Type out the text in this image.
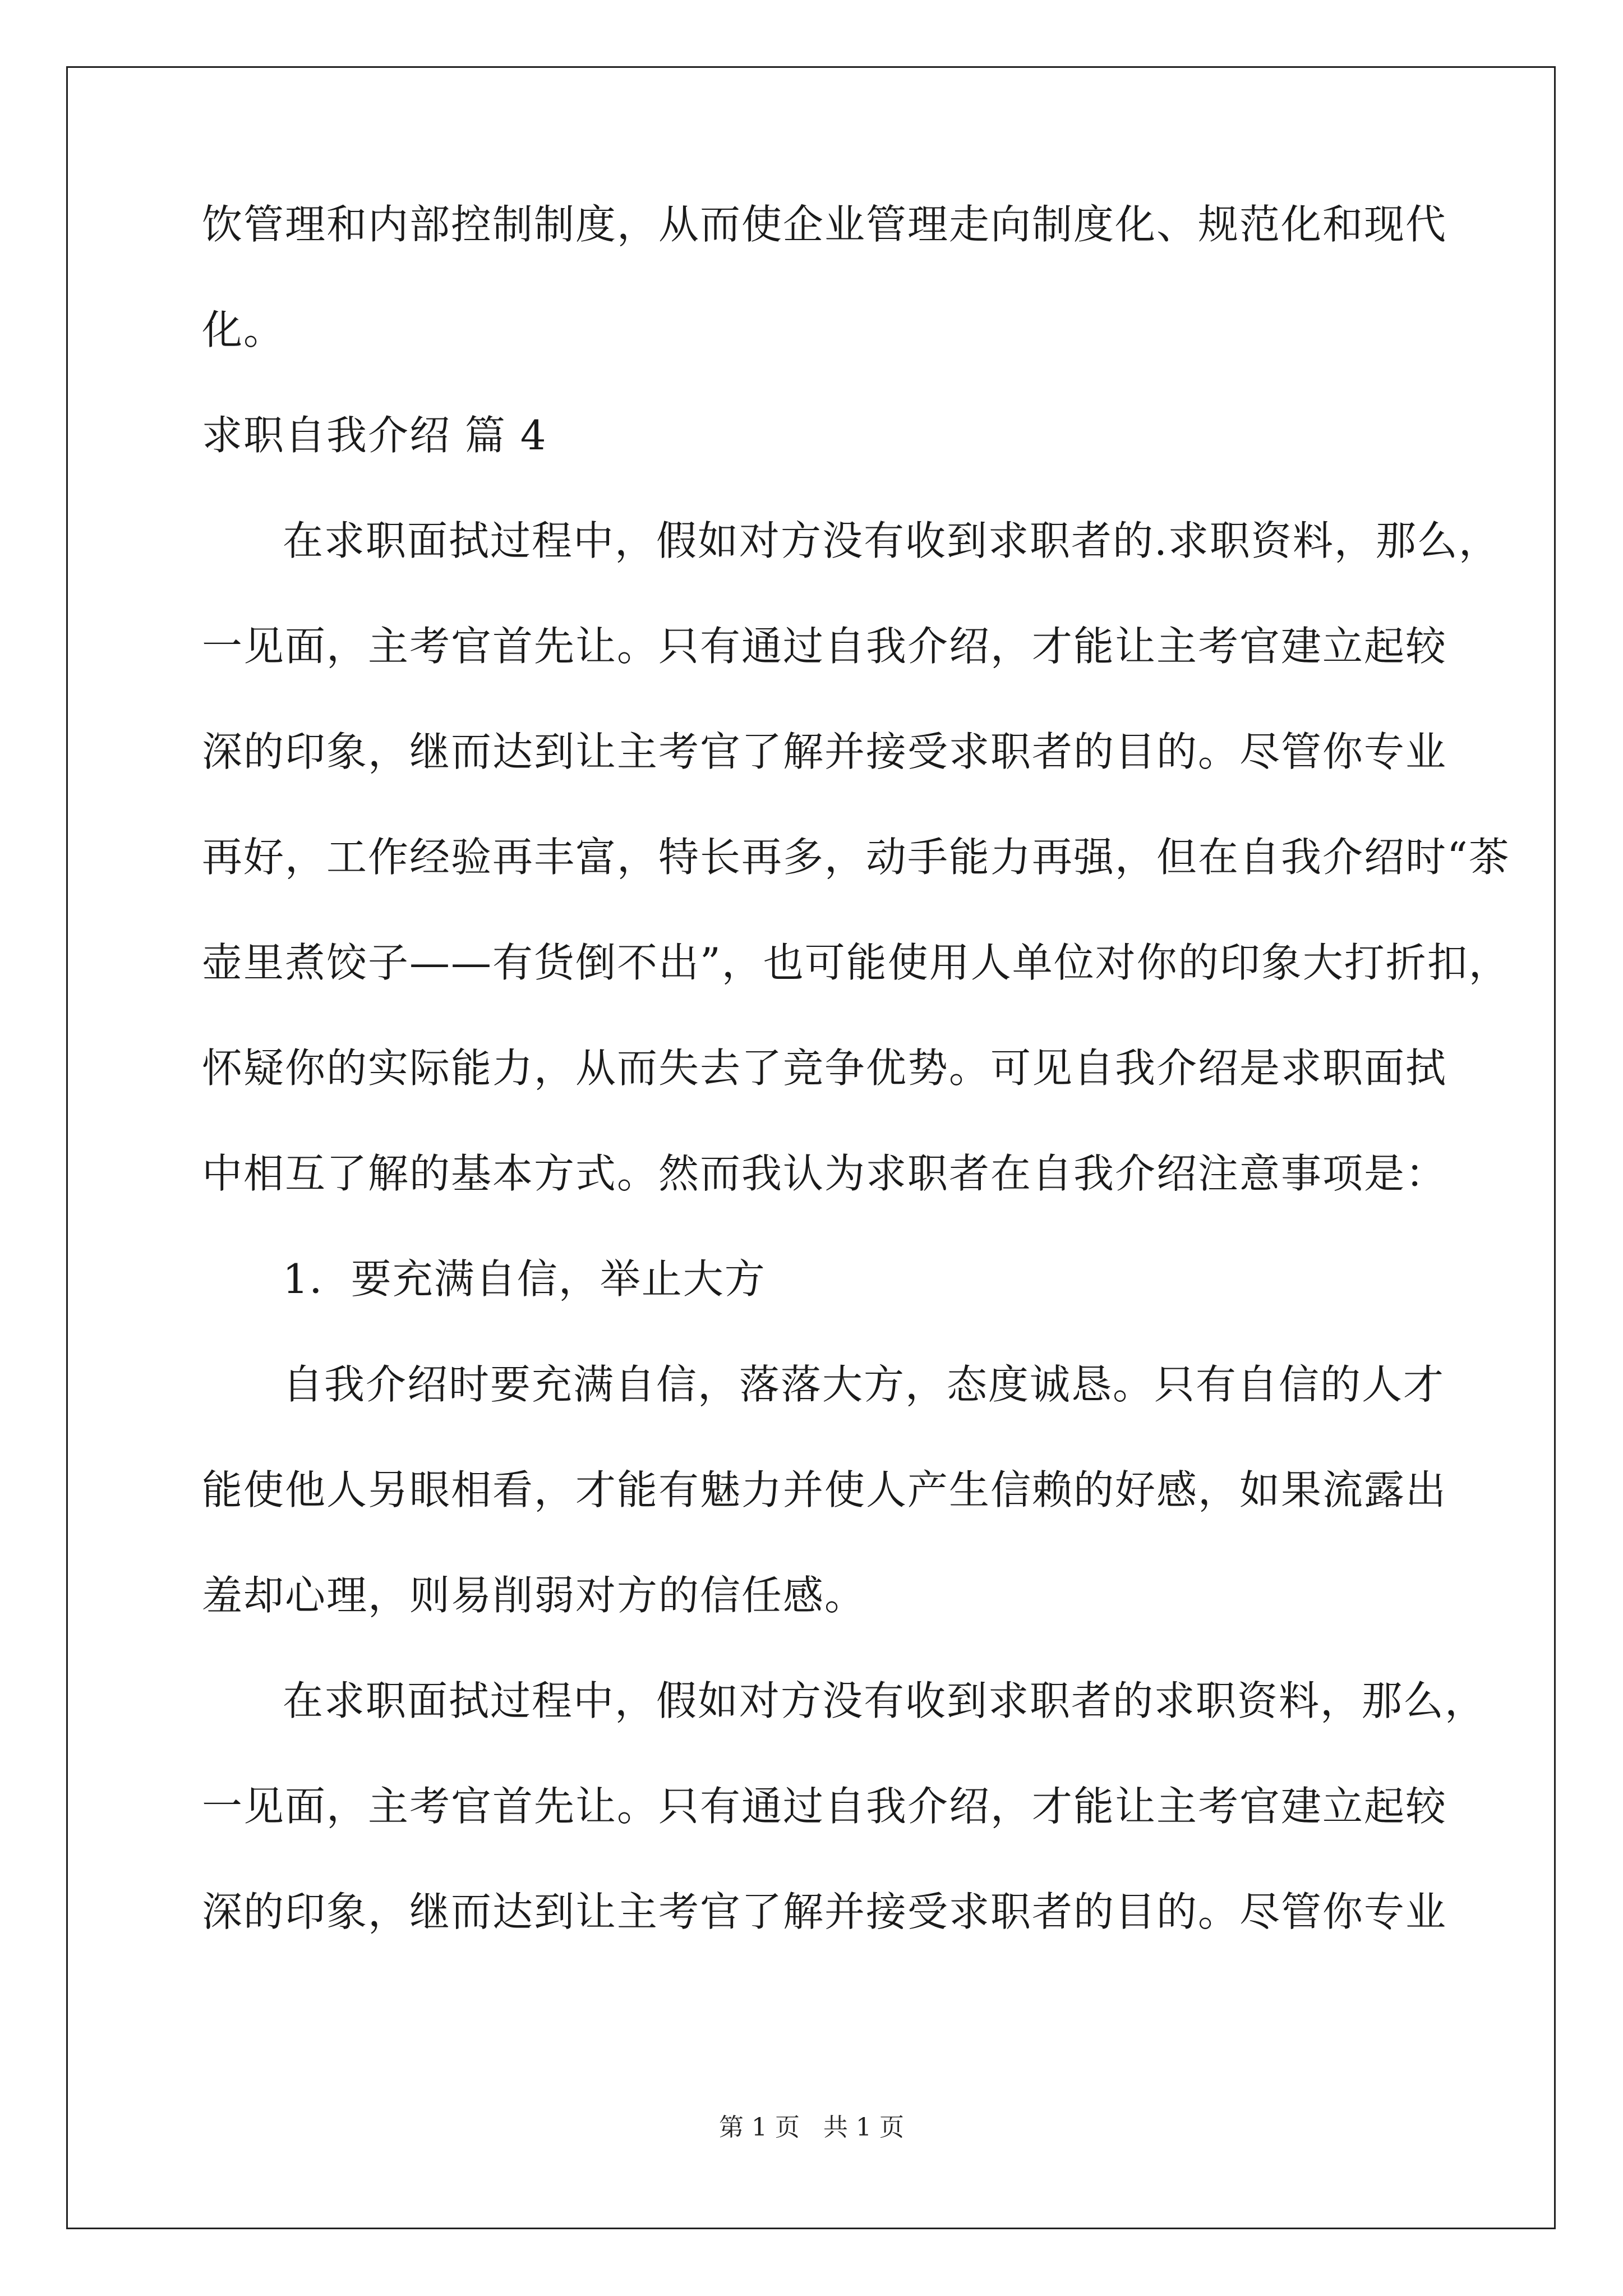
饮管理和内部控制制度，从而使企业管理走向制度化、规范化和现代
化。
求职自我介绍 篇 4
在求职面拭过程中，假如对方没有收到求职者的.求职资料，那么，
一见面，主考官首先让。只有通过自我介绍，才能让主考官建立起较
深的印象，继而达到让主考官了解并接受求职者的目的。尽管你专业
再好，工作经验再丰富，特长再多，动手能力再强，但在自我介绍时“茶
壶里煮饺子——有货倒不出”，也可能使用人单位对你的印象大打折扣，
怀疑你的实际能力，从而失去了竞争优势。可见自我介绍是求职面拭
中相互了解的基本方式。然而我认为求职者在自我介绍注意事项是：
1．要充满自信，举止大方
自我介绍时要充满自信，落落大方，态度诚恳。只有自信的人才
能使他人另眼相看，才能有魅力并使人产生信赖的好感，如果流露出
羞却心理，则易削弱对方的信任感。
在求职面拭过程中，假如对方没有收到求职者的求职资料，那么，
一见面，主考官首先让。只有通过自我介绍，才能让主考官建立起较
深的印象，继而达到让主考官了解并接受求职者的目的。尽管你专业
第 1 页   共 1 页
